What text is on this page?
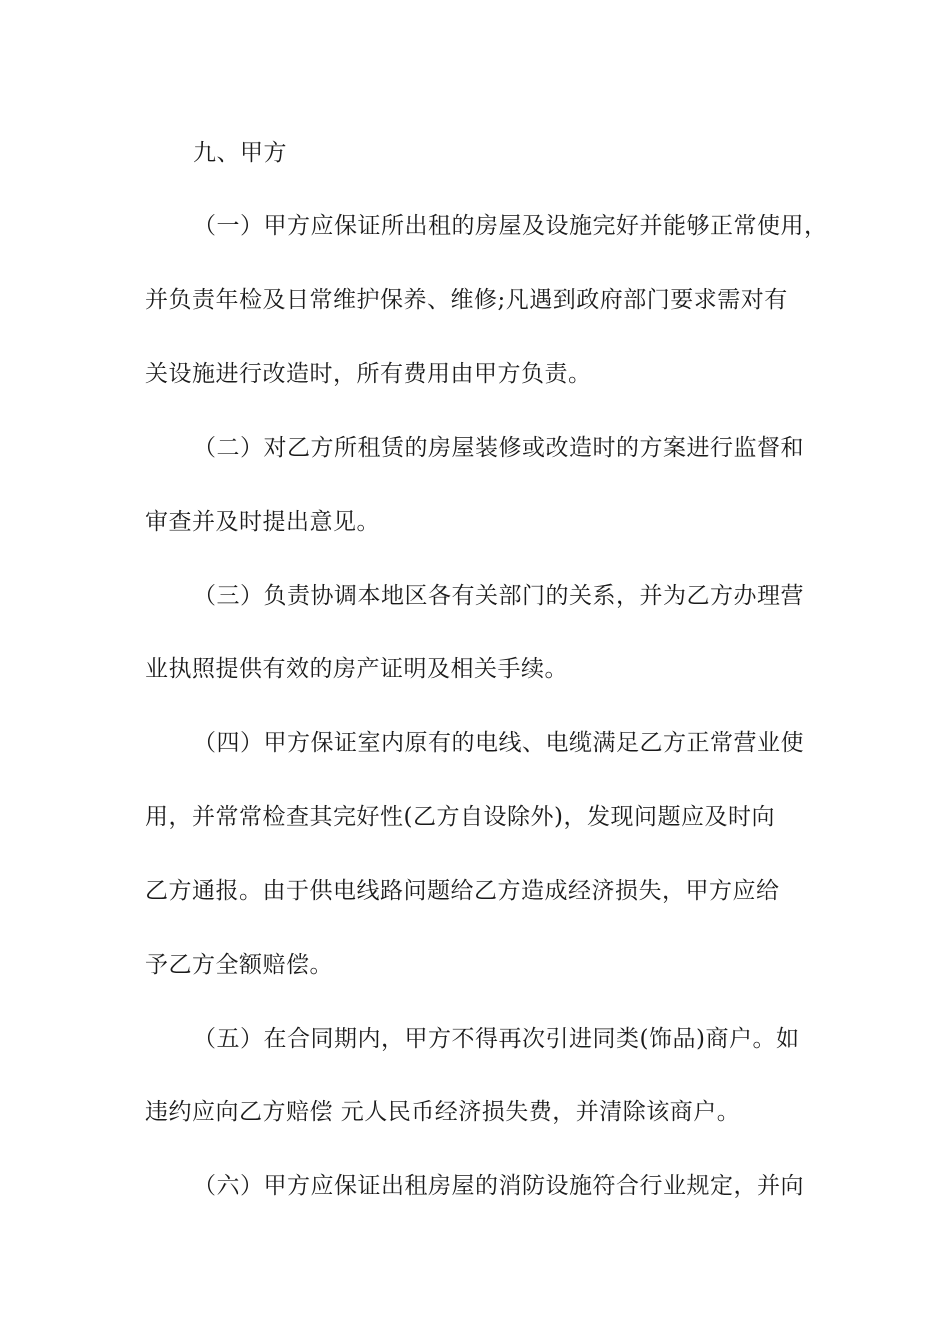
九、甲方

（一）甲方应保证所出租的房屋及设施完好并能够正常使用，

并负责年检及日常维护保养、维修;凡遇到政府部门要求需对有

关设施进行改造时，所有费用由甲方负责。

（二）对乙方所租赁的房屋装修或改造时的方案进行监督和

审查并及时提出意见。

（三）负责协调本地区各有关部门的关系，并为乙方办理营

业执照提供有效的房产证明及相关手续。

（四）甲方保证室内原有的电线、电缆满足乙方正常营业使

用，并常常检查其完好性(乙方自设除外)，发现问题应及时向

乙方通报。由于供电线路问题给乙方造成经济损失，甲方应给

予乙方全额赔偿。

（五）在合同期内，甲方不得再次引进同类(饰品)商户。如

违约应向乙方赔偿 元人民币经济损失费，并清除该商户。

（六）甲方应保证出租房屋的消防设施符合行业规定，并向
